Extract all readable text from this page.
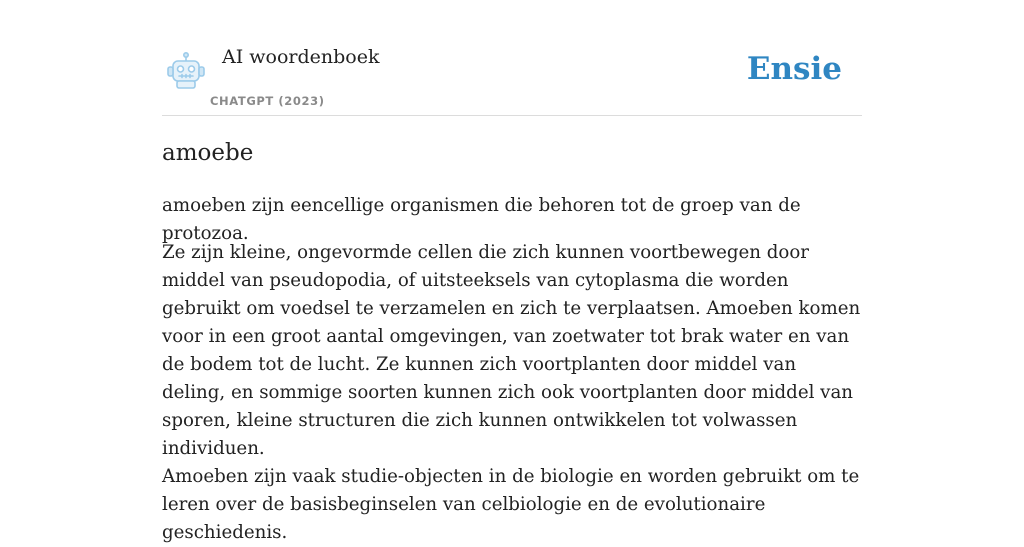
AI woordenboek
CHATGPT (2023)
Ensie
amoebe

amoeben zijn eencellige organismen die behoren tot de groep van de protozoa.

Ze zijn kleine, ongevormde cellen die zich kunnen voortbewegen door middel van pseudopodia, of uitsteeksels van cytoplasma die worden gebruikt om voedsel te verzamelen en zich te verplaatsen. Amoeben komen voor in een groot aantal omgevingen, van zoetwater tot brak water en van de bodem tot de lucht. Ze kunnen zich voortplanten door middel van deling, en sommige soorten kunnen zich ook voortplanten door middel van sporen, kleine structuren die zich kunnen ontwikkelen tot volwassen individuen.

Amoeben zijn vaak studie-objecten in de biologie en worden gebruikt om te leren over de basisbeginselen van celbiologie en de evolutionaire geschiedenis.
